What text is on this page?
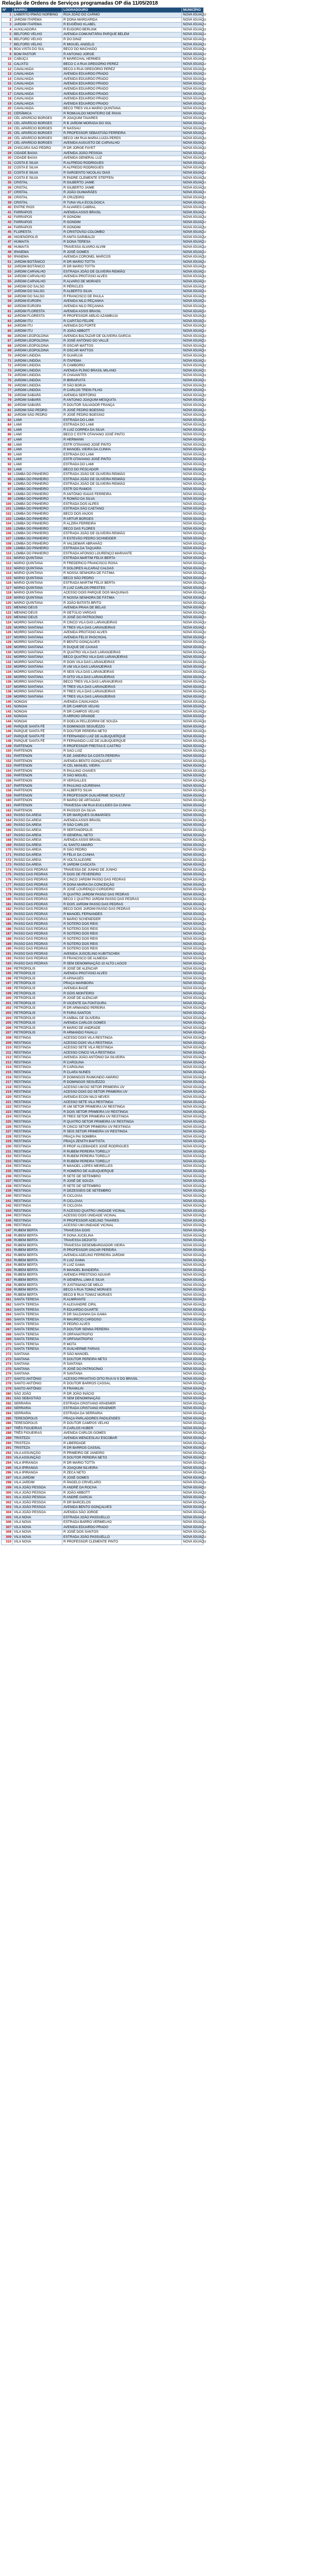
Relação de Ordens de Serviços programadas OP dia 11/05/2018
Nº	BAIRRO	LOGRADOURO	MUNICÍPIO
1	LABERTO IRMÃO NORBINO	RUA JOÃO DO CARMO	NOVA IGUAÇU
2	JARDIM ITAPEMA	R DONA MARGARIDA	NOVA IGUAÇU
3	JARDIM ITAPEMA	R EUGÊNIO KLABEL	NOVA IGUAÇU
4	AUXILIADORA	R EUDORO BERLINK	NOVA IGUAÇU
5	BELFORD VELHO	AVENIDA COMUNITÁRIA PARQUE BELEM	NOVA IGUAÇU
6	BELFORD VELHO	R DO DINIZ	NOVA IGUAÇU
7	BELFORD VELHO	R MIGUEL ANGELO	NOVA IGUAÇU
8	BOA VISTA DO SUL	BECO DO MACHADO	NOVA IGUAÇU
9	BOM PASTOR	R ANTONIO JORGE	NOVA IGUAÇU
10	CABUÇU	R MARECHAL HERMES	NOVA IGUAÇU
11	CALIXTO	BECO C A RUA GREGÓRIO PEREZ	NOVA IGUAÇU
12	CAVALHADA	BECO A RUA GREGÓRIO PEREZ	NOVA IGUAÇU
13	CAVALHADA	AVENIDA EDUARDO PRADO	NOVA IGUAÇU
14	CAVALHADA	AVENIDA EDUARDO PRADO	NOVA IGUAÇU
15	CAVALHADA	AVENIDA EDUARDO PRADO	NOVA IGUAÇU
16	CAVALHADA	AVENIDA EDUARDO PRADO	NOVA IGUAÇU
17	CAVALHADA	AVENIDA EDUARDO PRADO	NOVA IGUAÇU
18	CAVALHADA	AVENIDA EDUARDO PRADO	NOVA IGUAÇU
19	CAVALHADA	AVENIDA EDUARDO PRADO	NOVA IGUAÇU
20	CAVALHADA	BECO TRES VILA MARIO QUINTANA	NOVA IGUAÇU
21	CERÂMICA	R ROMUALDO MONTEIRO DE PAIVA	NOVA IGUAÇU
22	CEL APARÍCIO BORGES	R JOAQUIM TAVARES	NOVA IGUAÇU
23	CEL APARÍCIO BORGES	R B JARDIM MORADA DO SOL	NOVA IGUAÇU
24	CEL APARÍCIO BORGES	R NASSAU	NOVA IGUAÇU
25	CEL APARÍCIO BORGES	R PROFESSOR SEBASTIÃO FERREIRA	NOVA IGUAÇU
26	CEL APARÍCIO BORGES	BECO UM RUA MARIA LUIZA PERES	NOVA IGUAÇU
27	CEL APARÍCIO BORGES	AVENIDA AUGUSTO DE CARVALHO	NOVA IGUAÇU
28	CHÁCARA SAO PEDRO	R DR JORGE FAYET	NOVA IGUAÇU
29	CIDADE BAIXA	AVENIDA JOÃO PESSOA	NOVA IGUAÇU
30	CIDADE BAIXA	AVENIDA GENERAL LUZ	NOVA IGUAÇU
31	COSTA E SILVA	R ALFREDO RODRIGUES	NOVA IGUAÇU
32	COSTA E SILVA	R ALFREDO RODRIGUES	NOVA IGUAÇU
33	COSTA E SILVA	R SARGENTO NICOLAU DIAS	NOVA IGUAÇU
34	COSTA E SILVA	R PADRE CLEMENTE STEFFEN	NOVA IGUAÇU
35	CRISTAL	R GILBERTO JAIME	NOVA IGUAÇU
36	CRISTAL	R GILBERTO JAIME	NOVA IGUAÇU
37	CRISTAL	R JOÃO GUIMARÃES	NOVA IGUAÇU
38	CRISTAL	R CRUZEIRO	NOVA IGUAÇU
39	CRISTAL	R TUNA VILA ECOLÓGICA	NOVA IGUAÇU
40	ENTRE RIOS	R ALVARES CABRAL	NOVA IGUAÇU
41	FARRAPOS	AVENIDA ASSIS BRASIL	NOVA IGUAÇU
42	FARRAPOS	R GONDIM	NOVA IGUAÇU
43	FARRAPOS	R GONDIM	NOVA IGUAÇU
44	FARRAPOS	R GONDIM	NOVA IGUAÇU
45	FLORESTA	R CRISTÓVÃO COLOMBO	NOVA IGUAÇU
46	HIGIENÓPOLIS	R ANITA GARIBALDI	NOVA IGUAÇU
47	HUMAITÁ	R DONA TERESA	NOVA IGUAÇU
48	HUMAITÁ	TRAVESSA ÁLVARO ALVIM	NOVA IGUAÇU
49	IPANEMA	R JOSÉ GOMES	NOVA IGUAÇU
50	IPANEMA	AVENIDA CORONEL MARCOS	NOVA IGUAÇU
51	JARDIM BOTÂNICO	R DR MARIO TOTTA	NOVA IGUAÇU
52	JARDIM BOTÂNICO	R DR MARIO TOTTA	NOVA IGUAÇU
53	JARDIM CARVALHO	ESTRADA JOÃO DE OLIVEIRA REMIÃO	NOVA IGUAÇU
54	JARDIM CARVALHO	AVENIDA PROTÁSIO ALVES	NOVA IGUAÇU
55	JARDIM CARVALHO	R ALVARO DE MORAES	NOVA IGUAÇU
56	JARDIM DO SALSO	R PÉRICLES	NOVA IGUAÇU
57	JARDIM DO SALSO	R ALBERTO SILVA	NOVA IGUAÇU
58	JARDIM DO SALSO	R FRANCISCO DE PAULA	NOVA IGUAÇU
59	JARDIM EUROPA	AVENIDA NILO PEÇANHA	NOVA IGUAÇU
60	JARDIM EUROPA	AVENIDA NILO PEÇANHA	NOVA IGUAÇU
61	JARDIM FLORESTA	AVENIDA ASSIS BRASIL	NOVA IGUAÇU
62	JARDIM FLORESTA	R PROFESSOR ABÍLIO AZAMBUJA	NOVA IGUAÇU
63	JARDIM ITU	R CAPITÃO FELIPE	NOVA IGUAÇU
64	JARDIM ITU	AVENIDA DO FORTE	NOVA IGUAÇU
65	JARDIM ITU	R JOÃO ABBOTT	NOVA IGUAÇU
66	JARDIM LEOPOLDINA	AVENIDA BALTAZAR DE OLIVEIRA GARCIA	NOVA IGUAÇU
67	JARDIM LEOPOLDINA	R JOSÉ ANTÔNIO DO VALLE	NOVA IGUAÇU
68	JARDIM LEOPOLDINA	R OSCAR MATTOS	NOVA IGUAÇU
69	JARDIM LEOPOLDINA	R OSCAR MATTOS	NOVA IGUAÇU
70	JARDIM LINDÓIA	R GUARUJÁ	NOVA IGUAÇU
71	JARDIM LINDÓIA	R ITAPEMA	NOVA IGUAÇU
72	JARDIM LINDÓIA	R CAMBORIÚ	NOVA IGUAÇU
73	JARDIM LINDÓIA	AVENIDA PLÍNIO BRASIL MILANO	NOVA IGUAÇU
74	JARDIM LINDÓIA	R CHAVANTES	NOVA IGUAÇU
75	JARDIM LINDÓIA	R IBIRAPUITÃ	NOVA IGUAÇU
76	JARDIM LINDÓIA	R SÃO BORJA	NOVA IGUAÇU
77	JARDIM LINDÓIA	R CARLOS TREIN FILHO	NOVA IGUAÇU
78	JARDIM SABARÁ	AVENIDA SERTÓRIO	NOVA IGUAÇU
79	JARDIM SABARÁ	R ANTONIO JOAQUIM MESQUITA	NOVA IGUAÇU
80	JARDIM SABARÁ	R DOUTOR SALVADOR FRANÇA	NOVA IGUAÇU
81	JARDIM SÃO PEDRO	R JOSÉ PEDRO BOESSIO	NOVA IGUAÇU
82	JARDIM SÃO PEDRO	R JOSÉ PEDRO BOESSIO	NOVA IGUAÇU
83	LAMI	ESTRADA DO LAMI	NOVA IGUAÇU
84	LAMI	ESTRADA DO LAMI	NOVA IGUAÇU
85	LAMI	R LUIZ CORREA DA SILVA	NOVA IGUAÇU
86	LAMI	BECO C ESTR OTAVIANO JOSÉ PINTO	NOVA IGUAÇU
87	LAMI	R HERMANN	NOVA IGUAÇU
88	LAMI	ESTR OTAVIANO JOSÉ PINTO	NOVA IGUAÇU
89	LAMI	R MANOEL VIEIRA DA CUNHA	NOVA IGUAÇU
90	LAMI	ESTRADA DO LAMI	NOVA IGUAÇU
91	LAMI	ESTR OTAVIANO JOSÉ PINTO	NOVA IGUAÇU
92	LAMI	ESTRADA DO LAMI	NOVA IGUAÇU
93	LAMI	BECO DO PESCADOR	NOVA IGUAÇU
94	LOMBA DO PINHEIRO	ESTRADA JOÃO DE OLIVEIRA REMIÃO	NOVA IGUAÇU
95	LOMBA DO PINHEIRO	ESTRADA JOÃO DE OLIVEIRA REMIÃO	NOVA IGUAÇU
96	LOMBA DO PINHEIRO	ESTRADA JOÃO DE OLIVEIRA REMIÃO	NOVA IGUAÇU
97	LOMBA DO PINHEIRO	ESTR DO RAMOS	NOVA IGUAÇU
98	LOMBA DO PINHEIRO	R ANTÔNIO ISAIAS FERREIRA	NOVA IGUAÇU
99	LOMBA DO PINHEIRO	R ROMÃO DA SILVA	NOVA IGUAÇU
100	LOMBA DO PINHEIRO	ESTRADA DOS ALPES	NOVA IGUAÇU
101	LOMBA DO PINHEIRO	ESTRADA SÃO CAETANO	NOVA IGUAÇU
102	LOMBA DO PINHEIRO	BECO DOS ANJOS	NOVA IGUAÇU
103	LOMBA DO PINHEIRO	R ARTUR BORGES	NOVA IGUAÇU
104	LOMBA DO PINHEIRO	R ALZIRA FERREIRA	NOVA IGUAÇU
105	LOMBA DO PINHEIRO	BECO DAS FLORES	NOVA IGUAÇU
106	LOMBA DO PINHEIRO	ESTRADA JOÃO DE OLIVEIRA REMIÃO	NOVA IGUAÇU
107	LOMBA DO PINHEIRO	R ESTEVÃO PEDRO SCHNEIDER	NOVA IGUAÇU
108	LOMBA DO PINHEIRO	R VALDEMAR ABRAHÃO	NOVA IGUAÇU
109	LOMBA DO PINHEIRO	ESTRADA DA TAQUARA	NOVA IGUAÇU
110	LOMBA DO PINHEIRO	ESTRADA AFONSO LOURENÇO MARIANTE	NOVA IGUAÇU
111	MÁRIO QUINTANA	ESTRADA MARTIM FELIX BERTA	NOVA IGUAÇU
112	MÁRIO QUINTANA	R FREDERICO FRANCISCO ROSA	NOVA IGUAÇU
113	MÁRIO QUINTANA	R DOLORES ALCARAZ CALDAS	NOVA IGUAÇU
114	MÁRIO QUINTANA	R NOSSA SENHORA DE FÁTIMA	NOVA IGUAÇU
115	MÁRIO QUINTANA	BECO SÃO PEDRO	NOVA IGUAÇU
116	MÁRIO QUINTANA	ESTRADA MARTIM FELIX BERTA	NOVA IGUAÇU
117	MÁRIO QUINTANA	R LUIZ CARLOS PRESTES	NOVA IGUAÇU
118	MÁRIO QUINTANA	ACESSO DOIS PARQUE DOS MAQUINAS	NOVA IGUAÇU
119	MÁRIO QUINTANA	R NOSSA SENHORA DE FÁTIMA	NOVA IGUAÇU
120	MÁRIO QUINTANA	R JOÃO BATISTA BRITO	NOVA IGUAÇU
121	MENINO DEUS	AVENIDA PRAIA DE BELAS	NOVA IGUAÇU
122	MENINO DEUS	R GETÚLIO VARGAS	NOVA IGUAÇU
123	MENINO DEUS	R JOSÉ DO PATROCÍNIO	NOVA IGUAÇU
124	MORRO SANTANA	R CINCO VILA DAS LARANJEIRAS	NOVA IGUAÇU
125	MORRO SANTANA	R TRES VILA DAS LARANJEIRAS	NOVA IGUAÇU
126	MORRO SANTANA	AVENIDA PROTÁSIO ALVES	NOVA IGUAÇU
127	MORRO SANTANA	AVENIDA FELIX PASCHOAL	NOVA IGUAÇU
128	MORRO SANTANA	R BENTO GONÇALVES	NOVA IGUAÇU
129	MORRO SANTANA	R DUQUE DE CAXIAS	NOVA IGUAÇU
130	MORRO SANTANA	R QUATRO VILA DAS LARANJEIRAS	NOVA IGUAÇU
131	MORRO SANTANA	BECO QUATRO VILA DAS LARANJEIRAS	NOVA IGUAÇU
132	MORRO SANTANA	R DOIS VILA DAS LARANJEIRAS	NOVA IGUAÇU
133	MORRO SANTANA	R UM VILA DAS LARANJEIRAS	NOVA IGUAÇU
134	MORRO SANTANA	R SEIS VILA DAS LARANJEIRAS	NOVA IGUAÇU
135	MORRO SANTANA	R OITO VILA DAS LARANJEIRAS	NOVA IGUAÇU
136	MORRO SANTANA	BECO TRES VILA DAS LARANJEIRAS	NOVA IGUAÇU
137	MORRO SANTANA	R TRES VILA DAS LARANJEIRAS	NOVA IGUAÇU
138	MORRO SANTANA	R TRES VILA DAS LARANJEIRAS	NOVA IGUAÇU
139	MORRO SANTANA	R TRES VILA DAS LARANJEIRAS	NOVA IGUAÇU
140	NONOAI	AVENIDA CAVALHADA	NOVA IGUAÇU
141	NONOAI	R DR CAMPOS VELHO	NOVA IGUAÇU
142	NONOAI	R DR CAMPOS VELHO	NOVA IGUAÇU
143	NONOAI	R ARROIO GRANDE	NOVA IGUAÇU
144	NONOAI	R DOELIA PELLEGRINI DE SOUZA	NOVA IGUAÇU
145	PARQUE SANTA FÉ	R DOMINGOS SEGUÉZZO	NOVA IGUAÇU
146	PARQUE SANTA FÉ	R DOUTOR PEREIRA NETO	NOVA IGUAÇU
147	PARQUE SANTA FÉ	R FERNANDO LUIZ DE ALBUQUERQUE	NOVA IGUAÇU
148	PARQUE SANTA FÉ	R FERNANDO LUIZ DE ALBUQUERQUE	NOVA IGUAÇU
149	PARTENON	R PROFESSOR FREITAS E CASTRO	NOVA IGUAÇU
150	PARTENON	R SAO LUIZ	NOVA IGUAÇU
151	PARTENON	R DE JANEIRO DA COSTA PEREIRA	NOVA IGUAÇU
152	PARTENON	AVENIDA BENTO GONÇALVES	NOVA IGUAÇU
153	PARTENON	R CEL MANUEL VIEIRA	NOVA IGUAÇU
154	PARTENON	R PAULINO CHAVES	NOVA IGUAÇU
155	PARTENON	R SÃO MIGUEL	NOVA IGUAÇU
156	PARTENON	R VERSALLES	NOVA IGUAÇU
157	PARTENON	R PAULINO AZURENHA	NOVA IGUAÇU
158	PARTENON	R ALBERTO SILVA	NOVA IGUAÇU
159	PARTENON	R PROFESSOR GUILHERME SCHULTZ	NOVA IGUAÇU
160	PARTENON	R MARIO DE ARTAGÃO	NOVA IGUAÇU
161	PARTENON	TRAVESSA UM RUA EUCLIDES DA CUNHA	NOVA IGUAÇU
162	PARTENON	R PASSOS DA SILVA	NOVA IGUAÇU
163	PASSO DA AREIA	R DR MARQUES GUIMARÃES	NOVA IGUAÇU
164	PASSO DA AREIA	AVENIDA ASSIS BRASIL	NOVA IGUAÇU
165	PASSO DA AREIA	R SÃO CARLOS	NOVA IGUAÇU
166	PASSO DA AREIA	R SERTANÓPOLIS	NOVA IGUAÇU
167	PASSO DA AREIA	R GENERAL NETO	NOVA IGUAÇU
168	PASSO DA AREIA	AVENIDA ASSIS BRASIL	NOVA IGUAÇU
169	PASSO DA AREIA	AL SANTO AMARO	NOVA IGUAÇU
170	PASSO DA AREIA	R SÃO PEDRO	NOVA IGUAÇU
171	PASSO DA AREIA	R FÉLIX DA CUNHA	NOVA IGUAÇU
172	PASSO DA AREIA	R VOLTA ALEGRE	NOVA IGUAÇU
173	PASSO DA AREIA	R JARDIM CASCATA	NOVA IGUAÇU
174	PASSO DAS PEDRAS	TRAVESSA DE JUNHO DE JUNHO	NOVA IGUAÇU
175	PASSO DAS PEDRAS	R DOIS DE FEVEREIRO	NOVA IGUAÇU
176	PASSO DAS PEDRAS	R CINCO JARDIM PASSO DAS PEDRAS	NOVA IGUAÇU
177	PASSO DAS PEDRAS	R DONA MARIA DA CONCEIÇÃO	NOVA IGUAÇU
178	PASSO DAS PEDRAS	R JOSÉ LOURENÇO CORDEIRO	NOVA IGUAÇU
179	PASSO DAS PEDRAS	R QUATRO JARDIM PASSO DAS PEDRAS	NOVA IGUAÇU
180	PASSO DAS PEDRAS	BECO 1 QUATRO JARDIM PASSO DAS PEDRAS	NOVA IGUAÇU
181	PASSO DAS PEDRAS	R DOIS JARDIM PASSO DAS PEDRAS	NOVA IGUAÇU
182	PASSO DAS PEDRAS	BECO DOIS JARDIM PASSO DAS PEDRAS	NOVA IGUAÇU
183	PASSO DAS PEDRAS	R MANOEL FERNANDES	NOVA IGUAÇU
184	PASSO DAS PEDRAS	R MARIO SCHENEIDER	NOVA IGUAÇU
185	PASSO DAS PEDRAS	R SOTERO DOS REIS	NOVA IGUAÇU
186	PASSO DAS PEDRAS	R SOTERO DOS REIS	NOVA IGUAÇU
187	PASSO DAS PEDRAS	R SOTERO DOS REIS	NOVA IGUAÇU
188	PASSO DAS PEDRAS	R SOTERO DOS REIS	NOVA IGUAÇU
189	PASSO DAS PEDRAS	R SOTERO DOS REIS	NOVA IGUAÇU
190	PASSO DAS PEDRAS	R SOTERO DOS REIS	NOVA IGUAÇU
191	PASSO DAS PEDRAS	AVENIDA JUSCELINO KUBITSCHEK	NOVA IGUAÇU
192	PASSO DAS PEDRAS	R FRANCISCO DE ALMEIDA	NOVA IGUAÇU
193	PASSO DAS PEDRAS	R SEM DENOMINAÇÃO 10 ALTO LAGOS	NOVA IGUAÇU
194	PETRÓPOLIS	R JOSÉ DE ALENCAR	NOVA IGUAÇU
195	PETRÓPOLIS	AVENIDA PROTÁSIO ALVES	NOVA IGUAÇU
196	PETRÓPOLIS	R APINAGÉS	NOVA IGUAÇU
197	PETRÓPOLIS	PRAÇA MARIBORA	NOVA IGUAÇU
198	PETRÓPOLIS	AVENIDA BAGÉ	NOVA IGUAÇU
199	PETRÓPOLIS	R GÓIS MONTEIRO	NOVA IGUAÇU
200	PETRÓPOLIS	R JOSÉ DE ALENCAR	NOVA IGUAÇU
201	PETRÓPOLIS	R VICENTE DA FONTOURA	NOVA IGUAÇU
202	PETRÓPOLIS	R DR ARMANDO PEREIRA	NOVA IGUAÇU
203	PETRÓPOLIS	R FARIA SANTOS	NOVA IGUAÇU
204	PETRÓPOLIS	R ANÍBAL DE OLIVEIRA	NOVA IGUAÇU
205	PETRÓPOLIS	AVENIDA CARLOS GOMES	NOVA IGUAÇU
206	PETRÓPOLIS	R MARIO DE ANDRADE	NOVA IGUAÇU
207	PETRÓPOLIS	R ARMANDO FAVALLI	NOVA IGUAÇU
208	RESTINGA	ACESSO DOIS VILA RESTINGA	NOVA IGUAÇU
209	RESTINGA	ACESSO DOIS VILA RESTINGA	NOVA IGUAÇU
210	RESTINGA	ACESSO SETE VILA RESTINGA	NOVA IGUAÇU
211	RESTINGA	ACESSO CINCO VILA RESTINGA	NOVA IGUAÇU
212	RESTINGA	AVENIDA JOÃO ANTÔNIO DA SILVEIRA	NOVA IGUAÇU
213	RESTINGA	R CAROLINA	NOVA IGUAÇU
214	RESTINGA	R CAROLINA	NOVA IGUAÇU
215	RESTINGA	R CLARA NUNES	NOVA IGUAÇU
216	RESTINGA	R DOMINGOS RAIMUNDO AMÁRIO	NOVA IGUAÇU
217	RESTINGA	R DOMINGOS SEGUÉZZO	NOVA IGUAÇU
218	RESTINGA	ACESSO UM DO SETOR PRIMEIRA UV	NOVA IGUAÇU
219	RESTINGA	ACESSO DOIS DO SETOR PRIMEIRA UV	NOVA IGUAÇU
220	RESTINGA	AVENIDA ECON NILO NEVES	NOVA IGUAÇU
221	RESTINGA	ACESSO SETE VILA RESTINGA	NOVA IGUAÇU
222	RESTINGA	R UM SETOR PRIMEIRA UV RESTINGA	NOVA IGUAÇU
223	RESTINGA	R DOIS SETOR PRIMEIRA UV RESTINGA	NOVA IGUAÇU
224	RESTINGA	R TRES SETOR PRIMEIRA UV RESTINGA	NOVA IGUAÇU
225	RESTINGA	R QUATRO SETOR PRIMEIRA UV RESTINGA	NOVA IGUAÇU
226	RESTINGA	R CINCO SETOR PRIMEIRA UV RESTINGA	NOVA IGUAÇU
227	RESTINGA	R SEIS SETOR PRIMEIRA UV RESTINGA	NOVA IGUAÇU
228	RESTINGA	PRAÇA PAI SOMBRA	NOVA IGUAÇU
229	RESTINGA	PRAÇA ZENITH BAPTISTA	NOVA IGUAÇU
230	RESTINGA	R PROF ALCEBIADES JOSÉ RODRIGUES	NOVA IGUAÇU
231	RESTINGA	R RUBEM PEREIRA TORELLY	NOVA IGUAÇU
232	RESTINGA	R RUBEM PEREIRA TORELLY	NOVA IGUAÇU
233	RESTINGA	R RUBEM PEREIRA TORELLY	NOVA IGUAÇU
234	RESTINGA	R MANOEL LOPES MEIRELLES	NOVA IGUAÇU
235	RESTINGA	R HOMERO DE ALBUQUERQUE	NOVA IGUAÇU
236	RESTINGA	R SETE DE SETEMBRO	NOVA IGUAÇU
237	RESTINGA	R JOSÉ DE SOUZA	NOVA IGUAÇU
238	RESTINGA	R SETE DE SETEMBRO	NOVA IGUAÇU
239	RESTINGA	R DEZESSEIS DE SETEMBRO	NOVA IGUAÇU
240	RESTINGA	R CICLOVIA	NOVA IGUAÇU
241	RESTINGA	R CICLOVIA	NOVA IGUAÇU
242	RESTINGA	R CICLOVIA	NOVA IGUAÇU
243	RESTINGA	R ACESSO QUATRO UNIDADE VICINAL	NOVA IGUAÇU
244	RESTINGA	ACESSO DOIS UNIDADE VICINAL	NOVA IGUAÇU
245	RESTINGA	R PROFESSOR ADELINO TAVARES	NOVA IGUAÇU
246	RESTINGA	ACESSO UM UNIDADE VICINAL	NOVA IGUAÇU
247	RUBEM BERTA	TRAVESSA DOIS	NOVA IGUAÇU
248	RUBEM BERTA	R DONA JUCELINA	NOVA IGUAÇU
249	RUBEM BERTA	TRAVESSA DEZOITO	NOVA IGUAÇU
250	RUBEM BERTA	TRAVESSA DESEMBARGADOR VIEIRA	NOVA IGUAÇU
251	RUBEM BERTA	R PROFESSOR OSCAR PEREIRA	NOVA IGUAÇU
252	RUBEM BERTA	AVENIDA ADELINO FERREIRA JARDIM	NOVA IGUAÇU
253	RUBEM BERTA	R LUIZ GAMA	NOVA IGUAÇU
254	RUBEM BERTA	R LUIZ GAMA	NOVA IGUAÇU
255	RUBEM BERTA	R MANOEL BANDEIRA	NOVA IGUAÇU
256	RUBEM BERTA	AVENIDA PRESTIGIO AGUIAR	NOVA IGUAÇU
257	RUBEM BERTA	R GENERAL LIMA E SILVA	NOVA IGUAÇU
258	RUBEM BERTA	R JUSTINIANO DE MELO	NOVA IGUAÇU
259	RUBEM BERTA	BECO A RUA TOMAZ MORAES	NOVA IGUAÇU
260	RUBEM BERTA	BECO B RUA TOMAZ MORAES	NOVA IGUAÇU
261	SANTA TERESA	R ALMIRANTE	NOVA IGUAÇU
262	SANTA TERESA	R ALEXANDRE CIRIL	NOVA IGUAÇU
263	SANTA TERESA	R EDUARDO DUARTE	NOVA IGUAÇU
264	SANTA TERESA	R DR SALDANHA DA GAMA	NOVA IGUAÇU
265	SANTA TERESA	R MAURÍCIO CARDOSO	NOVA IGUAÇU
266	SANTA TERESA	R PEDRO ALVES	NOVA IGUAÇU
267	SANTA TERESA	R DOUTOR SENNA PEREIRA	NOVA IGUAÇU
268	SANTA TERESA	R ORFANATROFIO	NOVA IGUAÇU
269	SANTA TERESA	R ORFANATROFIO	NOVA IGUAÇU
270	SANTA TERESA	R MOTA	NOVA IGUAÇU
271	SANTA TERESA	R GUILHERME FARIAS	NOVA IGUAÇU
272	SANTANA	R SÃO MANOEL	NOVA IGUAÇU
273	SANTANA	R DOUTOR PEREIRA NETO	NOVA IGUAÇU
274	SANTANA	R SANTANA	NOVA IGUAÇU
275	SANTANA	R JOSÉ DO PATROCÍNIO	NOVA IGUAÇU
276	SANTANA	R SANTANA	NOVA IGUAÇU
277	SANTO ANTÔNIO	ACESSO PRIVATIVO OITO RUA N S DO BRASIL	NOVA IGUAÇU
278	SANTO ANTÔNIO	R DOUTOR BARROS CASSAL	NOVA IGUAÇU
279	SANTO ANTÔNIO	R FRANKLIN	NOVA IGUAÇU
280	SÃO JOÃO	R DR JOÃO INÁCIO	NOVA IGUAÇU
281	SÃO SEBASTIÃO	R SEM DENOMINAÇÃO	NOVA IGUAÇU
282	SERRARIA	ESTRADA CRISTIANO KRAEMER	NOVA IGUAÇU
283	SERRARIA	ESTRADA CRISTIANO KRAEMER	NOVA IGUAÇU
284	SERRARIA	ESTRADA DA SERRARIA	NOVA IGUAÇU
285	TERESÓPOLIS	PRAÇA PARLADORES PADILENSES	NOVA IGUAÇU
286	TERESÓPOLIS	R DOUTOR CAMPOS VELHO	NOVA IGUAÇU
287	TRÊS FIGUEIRAS	R CARLOS HUBER	NOVA IGUAÇU
288	TRÊS FIGUEIRAS	AVENIDA CARLOS GOMES	NOVA IGUAÇU
289	TRISTEZA	AVENIDA WENCESLAU ESCOBAR	NOVA IGUAÇU
290	TRISTEZA	R LIBERDADE	NOVA IGUAÇU
291	TRISTEZA	R DR BARROS CASSAL	NOVA IGUAÇU
292	VILA ASSUNÇÃO	R PRIMEIRO DE JANEIRO	NOVA IGUAÇU
293	VILA ASSUNÇÃO	R DOUTOR PEREIRA NETO	NOVA IGUAÇU
294	VILA IPIRANGA	R DR MARIO TOTTA	NOVA IGUAÇU
295	VILA IPIRANGA	R JOAQUIM SILVEIRA	NOVA IGUAÇU
296	VILA IPIRANGA	R ZECA NETO	NOVA IGUAÇU
297	VILA JARDIM	R JOSÉ GOMES	NOVA IGUAÇU
298	VILA JARDIM	R ÂNGELO CRIVELARO	NOVA IGUAÇU
299	VILA JOÃO PESSOA	R ANDRÉ DA ROCHA	NOVA IGUAÇU
300	VILA JOÃO PESSOA	R JOÃO ABBOTT	NOVA IGUAÇU
301	VILA JOÃO PESSOA	R ANDRÉ GARCIA	NOVA IGUAÇU
302	VILA JOÃO PESSOA	R DR BARCELOS	NOVA IGUAÇU
303	VILA JOÃO PESSOA	AVENIDA BENTO GONÇALVES	NOVA IGUAÇU
304	VILA JOÃO PESSOA	AVENIDA SÃO JORGE	NOVA IGUAÇU
305	VILA NOVA	ESTRADA JOÃO PASSUELLO	NOVA IGUAÇU
306	VILA NOVA	ESTRADA BARRO VERMELHO	NOVA IGUAÇU
307	VILA NOVA	AVENIDA EDUARDO PRADO	NOVA IGUAÇU
308	VILA NOVA	R JOSÉ DOS SANTOS	NOVA IGUAÇU
309	VILA NOVA	ESTRADA JOÃO PASSUELLO	NOVA IGUAÇU
310	VILA NOVA	R PROFESSOR CLEMENTE PINTO	NOVA IGUAÇU
